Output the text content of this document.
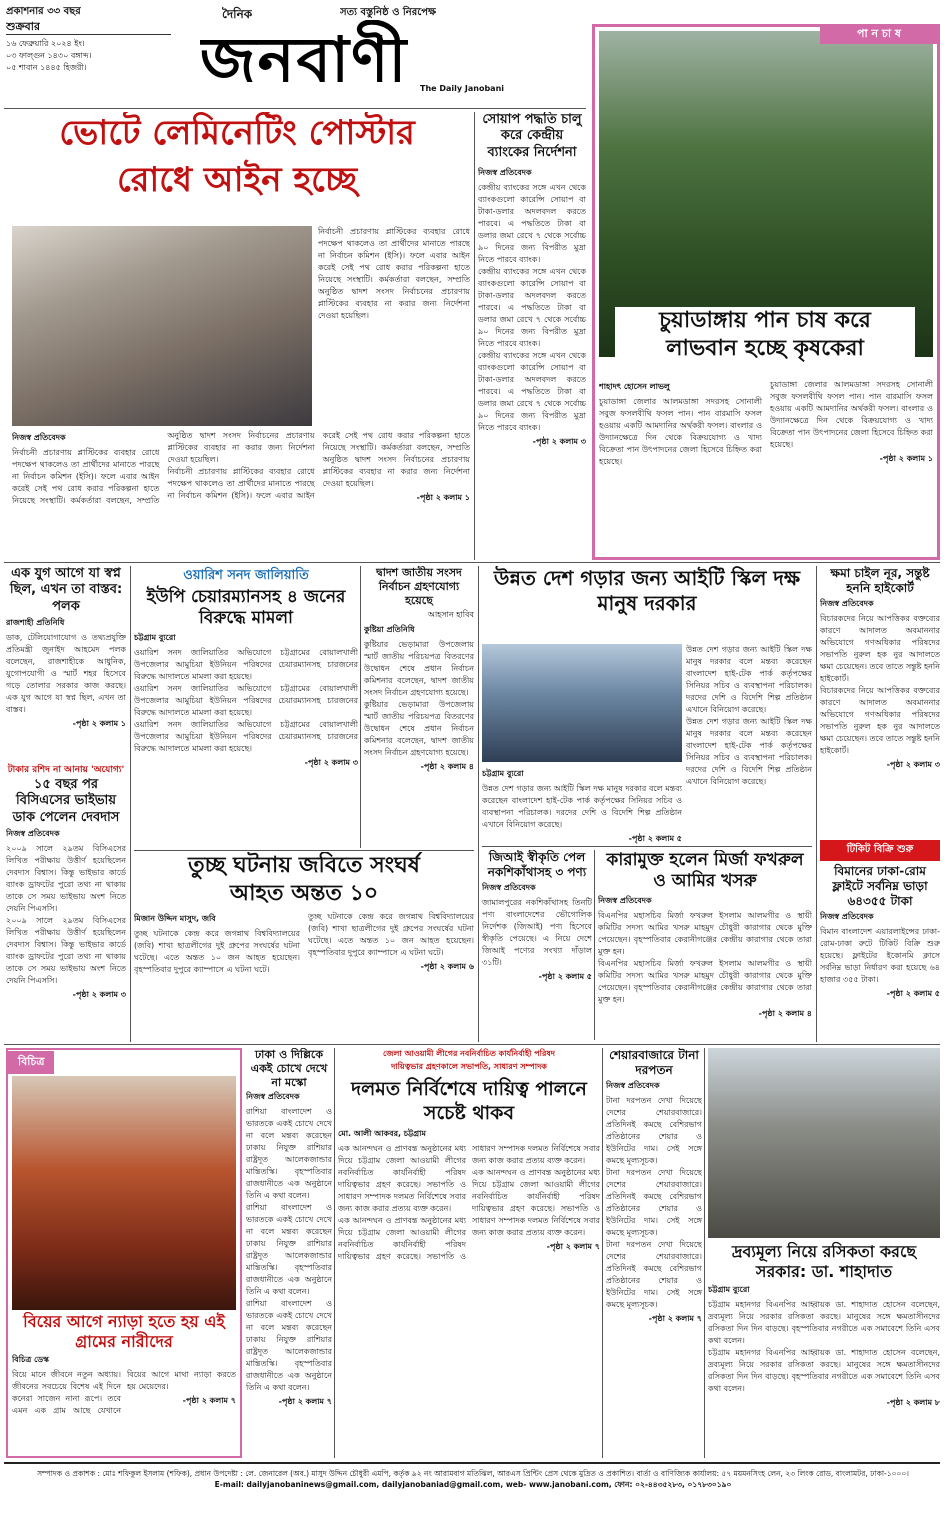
প্রকাশনার ৩৩ বছর
শুক্রবার
১৬ ফেব্রুয়ারি ২০২৪ ইং।
০৩ ফাল্গুন ১৪৩০ বঙ্গাব্দ।
০৫ শাবান ১৪৪৫ হিজরী।
দৈনিক	সত্য বস্তুনিষ্ঠ ও নিরপেক্ষ
জনবাণী	The Daily Janobani
ভোটে লেমিনেটিং পোস্টার
রোধে আইন হচ্ছে
নির্বাচনী প্রচারণায় প্লাস্টিকের ব্যবহার রোধে পদক্ষেপ থাকলেও তা প্রার্থীদের মানাতে পারছে না নির্বাচন কমিশন (ইসি)। ফলে এবার আইন করেই সেই পথ রোধ করার পরিকল্পনা হাতে নিয়েছে সংস্থাটি। কর্মকর্তারা বলছেন, সম্প্রতি অনুষ্ঠিত দ্বাদশ সংসদ নির্বাচনের প্রচারণায় প্লাস্টিকের ব্যবহার না করার জন্য নির্দেশনা দেওয়া হয়েছিল।
নিজস্ব প্রতিবেদক
নির্বাচনী প্রচারণায় প্লাস্টিকের ব্যবহার রোধে পদক্ষেপ থাকলেও তা প্রার্থীদের মানাতে পারছে না নির্বাচন কমিশন (ইসি)। ফলে এবার আইন করেই সেই পথ রোধ করার পরিকল্পনা হাতে নিয়েছে সংস্থাটি। কর্মকর্তারা বলছেন, সম্প্রতি অনুষ্ঠিত দ্বাদশ সংসদ নির্বাচনের প্রচারণায় প্লাস্টিকের ব্যবহার না করার জন্য নির্দেশনা দেওয়া হয়েছিল।
নির্বাচনী প্রচারণায় প্লাস্টিকের ব্যবহার রোধে পদক্ষেপ থাকলেও তা প্রার্থীদের মানাতে পারছে না নির্বাচন কমিশন (ইসি)। ফলে এবার আইন করেই সেই পথ রোধ করার পরিকল্পনা হাতে নিয়েছে সংস্থাটি। কর্মকর্তারা বলছেন, সম্প্রতি অনুষ্ঠিত দ্বাদশ সংসদ নির্বাচনের প্রচারণায় প্লাস্টিকের ব্যবহার না করার জন্য নির্দেশনা দেওয়া হয়েছিল।
-পৃষ্ঠা ২ কলাম ১
সোয়াপ পদ্ধতি চালু করে কেন্দ্রীয় ব্যাংকের নির্দেশনা
নিজস্ব প্রতিবেদক
কেন্দ্রীয় ব্যাংকের সঙ্গে এখন থেকে ব্যাংকগুলো কারেন্সি সোয়াপ বা টাকা-ডলার অদলবদল করতে পারবে। এ পদ্ধতিতে টাকা বা ডলার জমা রেখে ৭ থেকে সর্বোচ্চ ৯০ দিনের জন্য বিপরীত মুদ্রা নিতে পারবে ব্যাংক।
কেন্দ্রীয় ব্যাংকের সঙ্গে এখন থেকে ব্যাংকগুলো কারেন্সি সোয়াপ বা টাকা-ডলার অদলবদল করতে পারবে। এ পদ্ধতিতে টাকা বা ডলার জমা রেখে ৭ থেকে সর্বোচ্চ ৯০ দিনের জন্য বিপরীত মুদ্রা নিতে পারবে ব্যাংক।
কেন্দ্রীয় ব্যাংকের সঙ্গে এখন থেকে ব্যাংকগুলো কারেন্সি সোয়াপ বা টাকা-ডলার অদলবদল করতে পারবে। এ পদ্ধতিতে টাকা বা ডলার জমা রেখে ৭ থেকে সর্বোচ্চ ৯০ দিনের জন্য বিপরীত মুদ্রা নিতে পারবে ব্যাংক।
-পৃষ্ঠা ২ কলাম ৩
চুয়াডাঙ্গায় পান চাষ করে
লাভবান হচ্ছে কৃষকেরা
শাহাদৎ হোসেন লাভলু
চুয়াডাঙ্গা জেলার আলমডাঙ্গা সদরসহ সোনালী সবুজ ফসলবীথি ফসল পান। পান বারমাসি ফসল হওয়ায় একটি আমদানির অর্থকরী ফসল। বাংলার ও উদ্যানক্ষেত্রে দিন থেকে বিক্রয়যোগ্য ও খাদ্য বিক্রেতা পান উৎপাদনের জেলা হিসেবে চিহ্নিত করা হয়েছে।
চুয়াডাঙ্গা জেলার আলমডাঙ্গা সদরসহ সোনালী সবুজ ফসলবীথি ফসল পান। পান বারমাসি ফসল হওয়ায় একটি আমদানির অর্থকরী ফসল। বাংলার ও উদ্যানক্ষেত্রে দিন থেকে বিক্রয়যোগ্য ও খাদ্য বিক্রেতা পান উৎপাদনের জেলা হিসেবে চিহ্নিত করা হয়েছে।
-পৃষ্ঠা ২ কলাম ১
পা ন চা ষ
এক যুগ আগে যা স্বপ্ন ছিল, এখন তা বাস্তব: পলক
রাজশাহী প্রতিনিধি
ডাক, টেলিযোগাযোগ ও তথ্যপ্রযুক্তি প্রতিমন্ত্রী জুনাইদ আহমেদ পলক বলেছেন, রাজশাহীকে আধুনিক, যুগোপযোগী ও স্মার্ট শহর হিসেবে গড়ে তোলার সরকার কাজ করছে। এক যুগ আগে যা স্বপ্ন ছিল, এখন তা বাস্তব।
-পৃষ্ঠা ২ কলাম ১
টাকার রশিদ না আনায় 'অযোগ্য'
১৫ বছর পর বিসিএসের ভাইভায় ডাক পেলেন দেবদাস
নিজস্ব প্রতিবেদক
২০০৯ সালে ২৯তম বিসিএসের লিখিত পরীক্ষায় উত্তীর্ণ হয়েছিলেন দেবদাস বিশ্বাস। কিন্তু ভাইভার কার্ডে ব্যাংক ড্রাফটের পুরো তথ্য না থাকায় তাকে সে সময় ভাইভায় অংশ নিতে দেয়নি পিএসসি।
২০০৯ সালে ২৯তম বিসিএসের লিখিত পরীক্ষায় উত্তীর্ণ হয়েছিলেন দেবদাস বিশ্বাস। কিন্তু ভাইভার কার্ডে ব্যাংক ড্রাফটের পুরো তথ্য না থাকায় তাকে সে সময় ভাইভায় অংশ নিতে দেয়নি পিএসসি।
-পৃষ্ঠা ২ কলাম ৩
ওয়ারিশ সনদ জালিয়াতি
ইউপি চেয়ারম্যানসহ ৪ জনের বিরুদ্ধে মামলা
চট্টগ্রাম ব্যুরো
ওয়ারিশ সনদ জালিয়াতির অভিযোগে চট্টগ্রামের বোয়ালখালী উপজেলার আমুচিয়া ইউনিয়ন পরিষদের চেয়ারম্যানসহ চারজনের বিরুদ্ধে আদালতে মামলা করা হয়েছে।
ওয়ারিশ সনদ জালিয়াতির অভিযোগে চট্টগ্রামের বোয়ালখালী উপজেলার আমুচিয়া ইউনিয়ন পরিষদের চেয়ারম্যানসহ চারজনের বিরুদ্ধে আদালতে মামলা করা হয়েছে।
ওয়ারিশ সনদ জালিয়াতির অভিযোগে চট্টগ্রামের বোয়ালখালী উপজেলার আমুচিয়া ইউনিয়ন পরিষদের চেয়ারম্যানসহ চারজনের বিরুদ্ধে আদালতে মামলা করা হয়েছে।
-পৃষ্ঠা ২ কলাম ৩
দ্বাদশ জাতীয় সংসদ নির্বাচন গ্রহণযোগ্য হয়েছে
আহসান হাবিব
কুষ্টিয়া প্রতিনিধি
কুষ্টিয়ার ভেড়ামারা উপজেলায় স্মার্ট জাতীয় পরিচয়পত্র বিতরণের উদ্বোধন শেষে প্রধান নির্বাচন কমিশনার বলেছেন, দ্বাদশ জাতীয় সংসদ নির্বাচন গ্রহণযোগ্য হয়েছে।
কুষ্টিয়ার ভেড়ামারা উপজেলায় স্মার্ট জাতীয় পরিচয়পত্র বিতরণের উদ্বোধন শেষে প্রধান নির্বাচন কমিশনার বলেছেন, দ্বাদশ জাতীয় সংসদ নির্বাচন গ্রহণযোগ্য হয়েছে।
-পৃষ্ঠা ২ কলাম ৪
তুচ্ছ ঘটনায় জবিতে সংঘর্ষ
আহত অন্তত ১০
মিজান উদ্দিন মাসুদ, জবি
তুচ্ছ ঘটনাকে কেন্দ্র করে জগন্নাথ বিশ্ববিদ্যালয়ের (জবি) শাখা ছাত্রলীগের দুই গ্রুপের সংঘর্ষের ঘটনা ঘটেছে। এতে অন্তত ১০ জন আহত হয়েছেন। বৃহস্পতিবার দুপুরে ক্যাম্পাসে এ ঘটনা ঘটে।
তুচ্ছ ঘটনাকে কেন্দ্র করে জগন্নাথ বিশ্ববিদ্যালয়ের (জবি) শাখা ছাত্রলীগের দুই গ্রুপের সংঘর্ষের ঘটনা ঘটেছে। এতে অন্তত ১০ জন আহত হয়েছেন। বৃহস্পতিবার দুপুরে ক্যাম্পাসে এ ঘটনা ঘটে।
-পৃষ্ঠা ২ কলাম ৬
উন্নত দেশ গড়ার জন্য আইটি স্কিল দক্ষ মানুষ দরকার
উন্নত দেশ গড়ার জন্য আইটি স্কিল দক্ষ মানুষ দরকার বলে মন্তব্য করেছেন বাংলাদেশ হাই-টেক পার্ক কর্তৃপক্ষের সিনিয়র সচিব ও ব্যবস্থাপনা পরিচালক। দরদের দেশি ও বিদেশি শিল্প প্রতিষ্ঠান এখানে বিনিয়োগ করেছে।
উন্নত দেশ গড়ার জন্য আইটি স্কিল দক্ষ মানুষ দরকার বলে মন্তব্য করেছেন বাংলাদেশ হাই-টেক পার্ক কর্তৃপক্ষের সিনিয়র সচিব ও ব্যবস্থাপনা পরিচালক। দরদের দেশি ও বিদেশি শিল্প প্রতিষ্ঠান এখানে বিনিয়োগ করেছে।
চট্টগ্রাম ব্যুরো
উন্নত দেশ গড়ার জন্য আইটি স্কিল দক্ষ মানুষ দরকার বলে মন্তব্য করেছেন বাংলাদেশ হাই-টেক পার্ক কর্তৃপক্ষের সিনিয়র সচিব ও ব্যবস্থাপনা পরিচালক। দরদের দেশি ও বিদেশি শিল্প প্রতিষ্ঠান এখানে বিনিয়োগ করেছে।
-পৃষ্ঠা ২ কলাম ৫
ক্ষমা চাইল নূর, সন্তুষ্ট হননি হাইকোর্ট
নিজস্ব প্রতিবেদক
বিচারকদের নিয়ে আপত্তিকর বক্তব্যের কারণে আদালত অবমাননার অভিযোগে গণঅধিকার পরিষদের সভাপতি নুরুল হক নুর আদালতে ক্ষমা চেয়েছেন। তবে তাতে সন্তুষ্ট হননি হাইকোর্ট।
বিচারকদের নিয়ে আপত্তিকর বক্তব্যের কারণে আদালত অবমাননার অভিযোগে গণঅধিকার পরিষদের সভাপতি নুরুল হক নুর আদালতে ক্ষমা চেয়েছেন। তবে তাতে সন্তুষ্ট হননি হাইকোর্ট।
-পৃষ্ঠা ২ কলাম ৩
টিকিট বিক্রি শুরু
বিমানের ঢাকা-রোম ফ্লাইটে সর্বনিম্ন ভাড়া ৬৪৩৫৫ টাকা
নিজস্ব প্রতিবেদক
বিমান বাংলাদেশ এয়ারলাইন্সের ঢাকা-রোম-ঢাকা রুটে টিকিট বিক্রি শুরু হয়েছে। ফ্লাইটের ইকোনমি ক্লাসে সর্বনিম্ন ভাড়া নির্ধারণ করা হয়েছে ৬৪ হাজার ৩৫৫ টাকা।
-পৃষ্ঠা ২ কলাম ৫
জিআই স্বীকৃতি পেল নকশিকাঁথাসহ ৩ পণ্য
নিজস্ব প্রতিবেদক
জামালপুরের নকশিকাঁথাসহ তিনটি পণ্য বাংলাদেশের ভৌগোলিক নির্দেশক (জিআই) পণ্য হিসেবে স্বীকৃতি পেয়েছে। এ নিয়ে দেশে জিআই পণ্যের সংখ্যা দাঁড়াল ৩১টি।
-পৃষ্ঠা ২ কলাম ৫
কারামুক্ত হলেন মির্জা ফখরুল ও আমির খসরু
নিজস্ব প্রতিবেদক
বিএনপির মহাসচিব মির্জা ফখরুল ইসলাম আলমগীর ও স্থায়ী কমিটির সদস্য আমির খসরু মাহমুদ চৌধুরী কারাগার থেকে মুক্তি পেয়েছেন। বৃহস্পতিবার কেরানীগঞ্জের কেন্দ্রীয় কারাগার থেকে তারা মুক্ত হন।
বিএনপির মহাসচিব মির্জা ফখরুল ইসলাম আলমগীর ও স্থায়ী কমিটির সদস্য আমির খসরু মাহমুদ চৌধুরী কারাগার থেকে মুক্তি পেয়েছেন। বৃহস্পতিবার কেরানীগঞ্জের কেন্দ্রীয় কারাগার থেকে তারা মুক্ত হন।
-পৃষ্ঠা ২ কলাম ৪
বিচিত্র
বিয়ের আগে ন্যাড়া হতে হয় এই গ্রামের নারীদের
বিচিত্র ডেস্ক
বিয়ে মানে জীবনে নতুন অধ্যায়। জীবনের সবচেয়ে বিশেষ এই দিনে কনেরা সাজেন নানা রূপে। তবে এমন এক গ্রাম আছে যেখানে বিয়ের আগে মাথা ন্যাড়া করতে হয় মেয়েদের।
-পৃষ্ঠা ২ কলাম ৭
ঢাকা ও দিল্লিকে একই চোখে দেখে না মস্কো
নিজস্ব প্রতিবেদক
রাশিয়া বাংলাদেশ ও ভারতকে একই চোখে দেখে না বলে মন্তব্য করেছেন ঢাকায় নিযুক্ত রাশিয়ার রাষ্ট্রদূত আলেকজান্ডার মান্তিতস্কি। বৃহস্পতিবার রাজধানীতে এক অনুষ্ঠানে তিনি এ কথা বলেন।
রাশিয়া বাংলাদেশ ও ভারতকে একই চোখে দেখে না বলে মন্তব্য করেছেন ঢাকায় নিযুক্ত রাশিয়ার রাষ্ট্রদূত আলেকজান্ডার মান্তিতস্কি। বৃহস্পতিবার রাজধানীতে এক অনুষ্ঠানে তিনি এ কথা বলেন।
রাশিয়া বাংলাদেশ ও ভারতকে একই চোখে দেখে না বলে মন্তব্য করেছেন ঢাকায় নিযুক্ত রাশিয়ার রাষ্ট্রদূত আলেকজান্ডার মান্তিতস্কি। বৃহস্পতিবার রাজধানীতে এক অনুষ্ঠানে তিনি এ কথা বলেন।
-পৃষ্ঠা ২ কলাম ৭
জেলা আওয়ামী লীগের নবনির্বাচিত কার্যনির্বাহী পরিষদ
দায়িত্বভার গ্রহণকালে সভাপতি, সাধারণ সম্পাদক
দলমত নির্বিশেষে দায়িত্ব পালনে সচেষ্ট থাকব
মো. আলী আকবর, চট্টগ্রাম
এক আনন্দঘন ও প্রাণবন্ত অনুষ্ঠানের মধ্য দিয়ে চট্টগ্রাম জেলা আওয়ামী লীগের নবনির্বাচিত কার্যনির্বাহী পরিষদ দায়িত্বভার গ্রহণ করেছে। সভাপতি ও সাধারণ সম্পাদক দলমত নির্বিশেষে সবার জন্য কাজ করার প্রত্যয় ব্যক্ত করেন।
এক আনন্দঘন ও প্রাণবন্ত অনুষ্ঠানের মধ্য দিয়ে চট্টগ্রাম জেলা আওয়ামী লীগের নবনির্বাচিত কার্যনির্বাহী পরিষদ দায়িত্বভার গ্রহণ করেছে। সভাপতি ও সাধারণ সম্পাদক দলমত নির্বিশেষে সবার জন্য কাজ করার প্রত্যয় ব্যক্ত করেন।
এক আনন্দঘন ও প্রাণবন্ত অনুষ্ঠানের মধ্য দিয়ে চট্টগ্রাম জেলা আওয়ামী লীগের নবনির্বাচিত কার্যনির্বাহী পরিষদ দায়িত্বভার গ্রহণ করেছে। সভাপতি ও সাধারণ সম্পাদক দলমত নির্বিশেষে সবার জন্য কাজ করার প্রত্যয় ব্যক্ত করেন।
-পৃষ্ঠা ২ কলাম ৭
শেয়ারবাজারে টানা দরপতন
নিজস্ব প্রতিবেদক
টানা দরপতন দেখা দিয়েছে দেশের শেয়ারবাজারে। প্রতিদিনই কমছে বেশিরভাগ প্রতিষ্ঠানের শেয়ার ও ইউনিটের দাম। সেই সঙ্গে কমছে মূল্যসূচক।
টানা দরপতন দেখা দিয়েছে দেশের শেয়ারবাজারে। প্রতিদিনই কমছে বেশিরভাগ প্রতিষ্ঠানের শেয়ার ও ইউনিটের দাম। সেই সঙ্গে কমছে মূল্যসূচক।
টানা দরপতন দেখা দিয়েছে দেশের শেয়ারবাজারে। প্রতিদিনই কমছে বেশিরভাগ প্রতিষ্ঠানের শেয়ার ও ইউনিটের দাম। সেই সঙ্গে কমছে মূল্যসূচক।
-পৃষ্ঠা ২ কলাম ৭
দ্রব্যমূল্য নিয়ে রসিকতা করছে
সরকার: ডা. শাহাদাত
চট্টগ্রাম ব্যুরো
চট্টগ্রাম মহানগর বিএনপির আহ্বায়ক ডা. শাহাদাত হোসেন বলেছেন, দ্রব্যমূল্য নিয়ে সরকার রসিকতা করছে। মানুষের সঙ্গে ক্ষমতাসীনদের রসিকতা দিন দিন বাড়ছে। বৃহস্পতিবার নগরীতে এক সমাবেশে তিনি এসব কথা বলেন।
চট্টগ্রাম মহানগর বিএনপির আহ্বায়ক ডা. শাহাদাত হোসেন বলেছেন, দ্রব্যমূল্য নিয়ে সরকার রসিকতা করছে। মানুষের সঙ্গে ক্ষমতাসীনদের রসিকতা দিন দিন বাড়ছে। বৃহস্পতিবার নগরীতে এক সমাবেশে তিনি এসব কথা বলেন।
-পৃষ্ঠা ২ কলাম ৮
সম্পাদক ও প্রকাশক : মোঃ শফিকুল ইসলাম (শফিক), প্রধান উপদেষ্টা : লে. জেনারেল (অব.) মাসুদ উদ্দিন চৌধুরী এমপি, কর্তৃক ৯২ নং আরামবাগ মতিঝিল, আরএস প্রিন্টিং প্রেস থেকে মুদ্রিত ও প্রকাশিত। বার্তা ও বাণিজ্যিক কার্যালয়: ৫৭ ময়মনসিংহ লেন, ২৩ লিংক রোড, বাংলামটর, ঢাকা-১০০০।
E-mail: dailyjanobaninews@gmail.com, dailyjanobaniad@gmail.com, web- www.janobani.com, ফোন: ০২-৪৪৩৫২৮৩, ০১৭৮৩০১৯০
